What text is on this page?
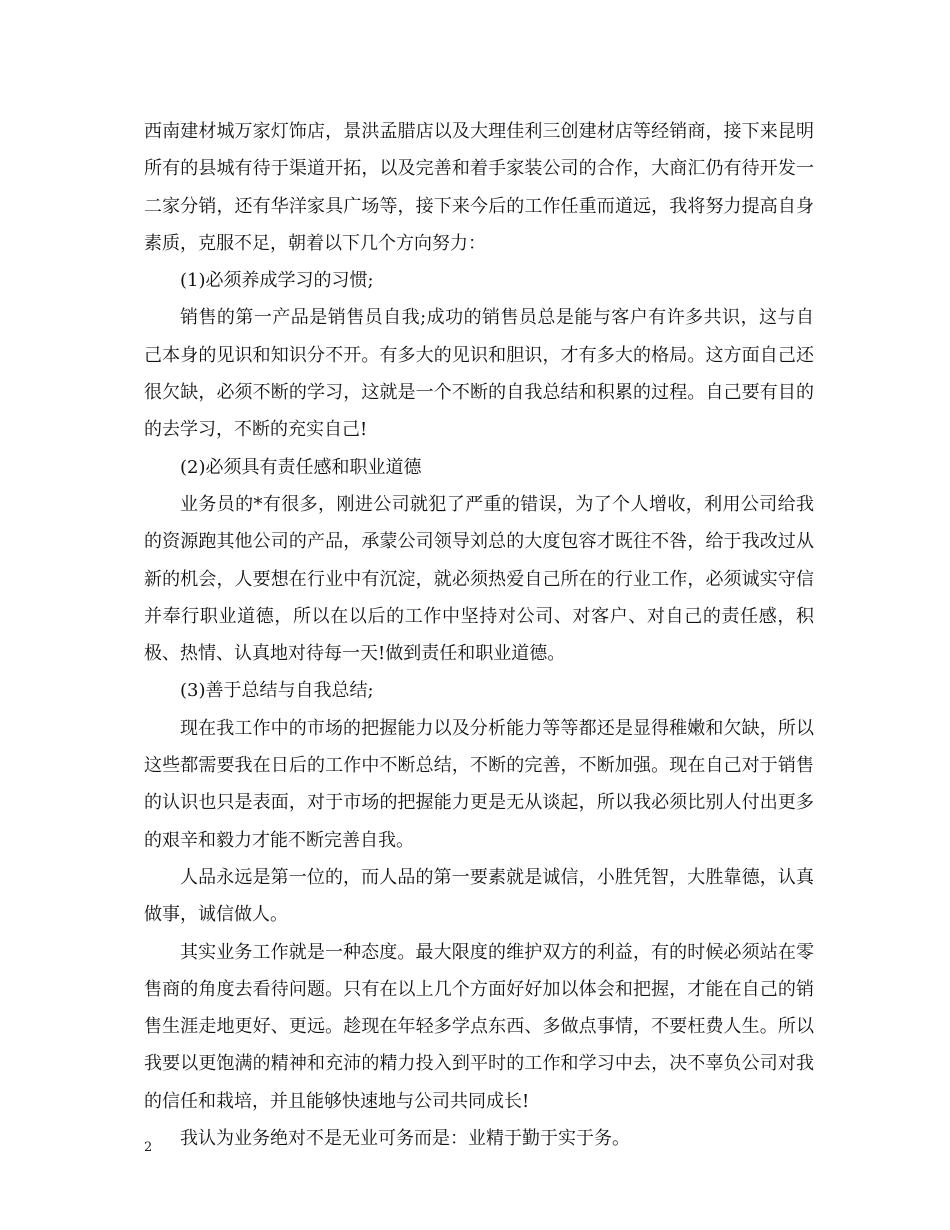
西南建材城万家灯饰店，景洪孟腊店以及大理佳利三创建材店等经销商，接下来昆明所有的县城有待于渠道开拓，以及完善和着手家装公司的合作，大商汇仍有待开发一二家分销，还有华洋家具广场等，接下来今后的工作任重而道远，我将努力提高自身素质，克服不足，朝着以下几个方向努力：

(1)必须养成学习的习惯;

销售的第一产品是销售员自我;成功的销售员总是能与客户有许多共识，这与自己本身的见识和知识分不开。有多大的见识和胆识，才有多大的格局。这方面自己还很欠缺，必须不断的学习，这就是一个不断的自我总结和积累的过程。自己要有目的的去学习，不断的充实自己!

(2)必须具有责任感和职业道德

业务员的*有很多，刚进公司就犯了严重的错误，为了个人增收，利用公司给我的资源跑其他公司的产品，承蒙公司领导刘总的大度包容才既往不咎，给于我改过从新的机会，人要想在行业中有沉淀，就必须热爱自己所在的行业工作，必须诚实守信并奉行职业道德，所以在以后的工作中坚持对公司、对客户、对自己的责任感，积极、热情、认真地对待每一天!做到责任和职业道德。

(3)善于总结与自我总结;

现在我工作中的市场的把握能力以及分析能力等等都还是显得稚嫩和欠缺，所以这些都需要我在日后的工作中不断总结，不断的完善，不断加强。现在自己对于销售的认识也只是表面，对于市场的把握能力更是无从谈起，所以我必须比别人付出更多的艰辛和毅力才能不断完善自我。

人品永远是第一位的，而人品的第一要素就是诚信，小胜凭智，大胜靠德，认真做事，诚信做人。

其实业务工作就是一种态度。最大限度的维护双方的利益，有的时候必须站在零售商的角度去看待问题。只有在以上几个方面好好加以体会和把握，才能在自己的销售生涯走地更好、更远。趁现在年轻多学点东西、多做点事情，不要枉费人生。所以我要以更饱满的精神和充沛的精力投入到平时的工作和学习中去，决不辜负公司对我的信任和栽培，并且能够快速地与公司共同成长!

我认为业务绝对不是无业可务而是：业精于勤于实于务。

2
